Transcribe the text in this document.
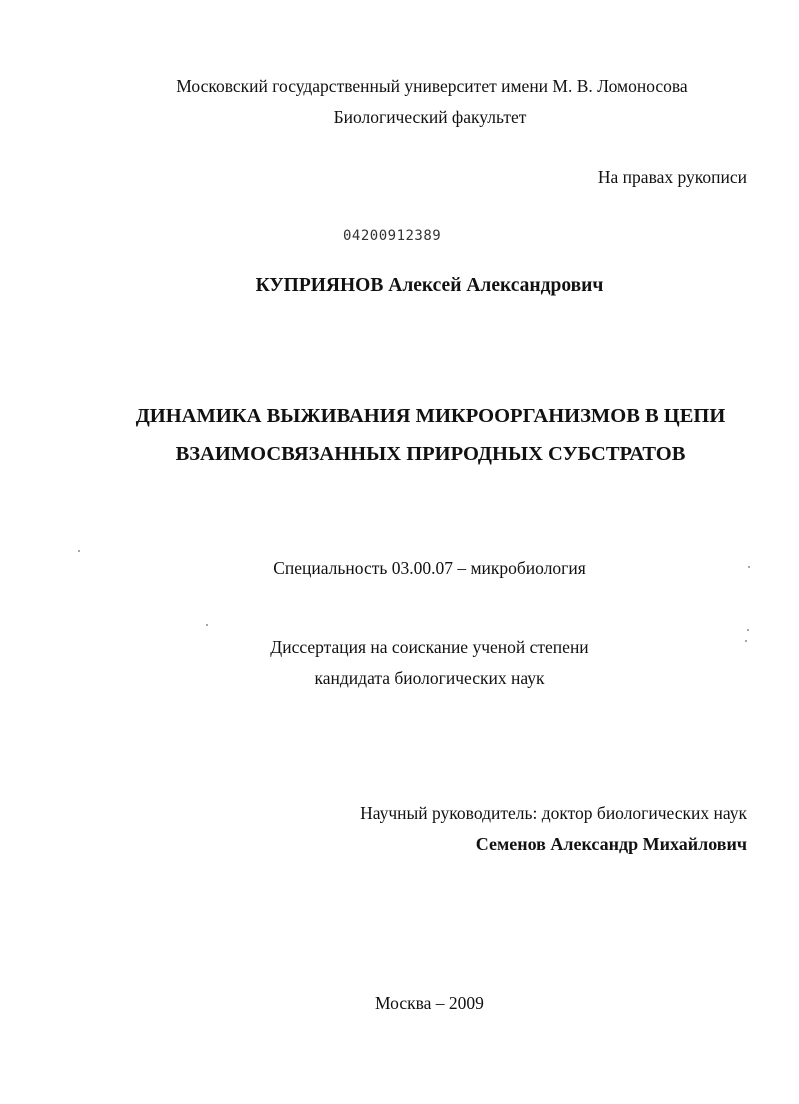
Московский государственный университет имени М. В. Ломоносова
Биологический факультет
На правах рукописи
04200912389
КУПРИЯНОВ Алексей Александрович
ДИНАМИКА ВЫЖИВАНИЯ МИКРООРГАНИЗМОВ В ЦЕПИ
ВЗАИМОСВЯЗАННЫХ ПРИРОДНЫХ СУБСТРАТОВ
Специальность 03.00.07 – микробиология
Диссертация на соискание ученой степени
кандидата биологических наук
Научный руководитель: доктор биологических наук
Семенов Александр Михайлович
Москва – 2009
